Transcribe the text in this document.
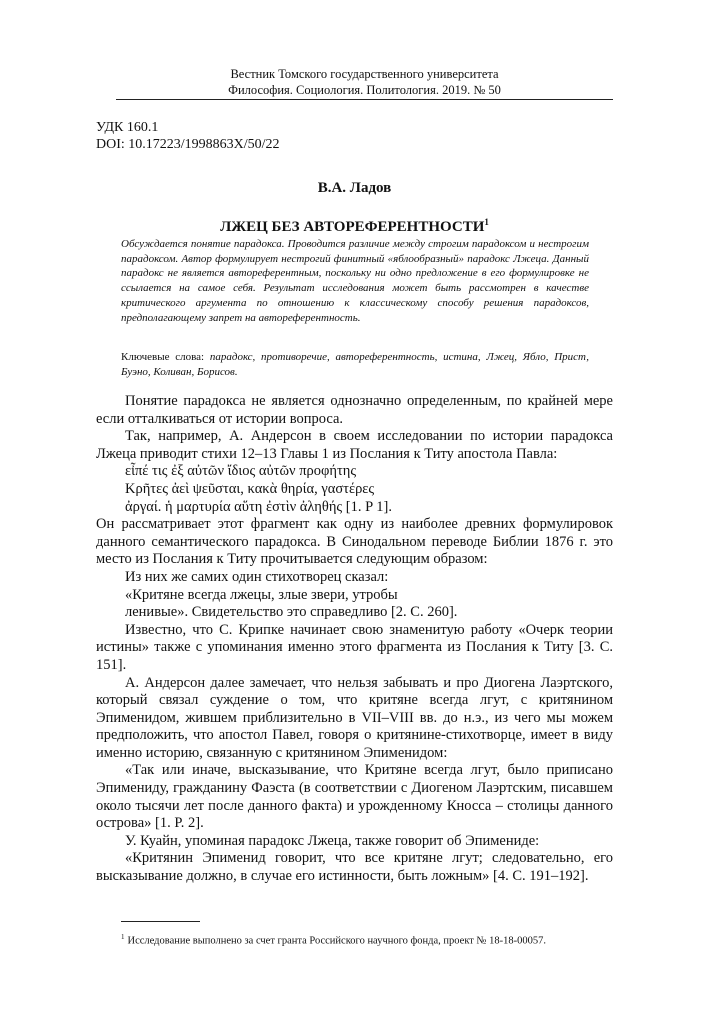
Вестник Томского государственного университета
Философия. Социология. Политология. 2019. № 50
УДК 160.1
DOI: 10.17223/1998863Х/50/22
В.А. Ладов
ЛЖЕЦ БЕЗ АВТОРЕФЕРЕНТНОСТИ$^1$
Обсуждается понятие парадокса. Проводится различие между строгим парадоксом и нестрогим парадоксом. Автор формулирует нестрогий финитный «яблообразный» парадокс Лжеца. Данный парадокс не является автореферентным, поскольку ни одно предложение в его формулировке не ссылается на самое себя. Результат исследования может быть рассмотрен в качестве критического аргумента по отношению к классическому способу решения парадоксов, предполагающему запрет на автореферентность.
Ключевые слова: парадокс, противоречие, автореферентность, истина, Лжец, Ябло, Прист, Буэно, Коливан, Борисов.

Понятие парадокса не является однозначно определенным, по крайней мере если отталкиваться от истории вопроса.

Так, например, А. Андерсон в своем исследовании по истории парадокса Лжеца приводит стихи 12–13 Главы 1 из Послания к Титу апостола Павла:

εἶπέ τις ἐξ αὐτῶν ἴδιος αὐτῶν προφήτης

Κρῆτες ἀεὶ ψεῦσται, κακὰ θηρία, γαστέρες

ἀργαί. ἡ μαρτυρία αὕτη ἐστὶν ἀληθής [1. P 1].

Он рассматривает этот фрагмент как одну из наиболее древних формулировок данного семантического парадокса. В Синодальном переводе Библии 1876 г. это место из Послания к Титу прочитывается следующим образом:

Из них же самих один стихотворец сказал:

«Критяне всегда лжецы, злые звери, утробы

ленивые». Свидетельство это справедливо [2. С. 260].

Известно, что С. Крипке начинает свою знаменитую работу «Очерк теории истины» также с упоминания именно этого фрагмента из Послания к Титу [3. С. 151].

А. Андерсон далее замечает, что нельзя забывать и про Диогена Лаэртского, который связал суждение о том, что критяне всегда лгут, с критянином Эпименидом, жившем приблизительно в VII–VIII вв. до н.э., из чего мы можем предположить, что апостол Павел, говоря о критянине-стихотворце, имеет в виду именно историю, связанную с критянином Эпименидом:

«Так или иначе, высказывание, что Критяне всегда лгут, было приписано Эпимениду, гражданину Фаэста (в соответствии с Диогеном Лаэртским, писавшем около тысячи лет после данного факта) и урожденному Кносса – столицы данного острова» [1. P. 2].

У. Куайн, упоминая парадокс Лжеца, также говорит об Эпимениде:

«Критянин Эпименид говорит, что все критяне лгут; следовательно, его высказывание должно, в случае его истинности, быть ложным» [4. С. 191–192].

$^1$ Исследование выполнено за счет гранта Российского научного фонда, проект № 18-18-00057.
